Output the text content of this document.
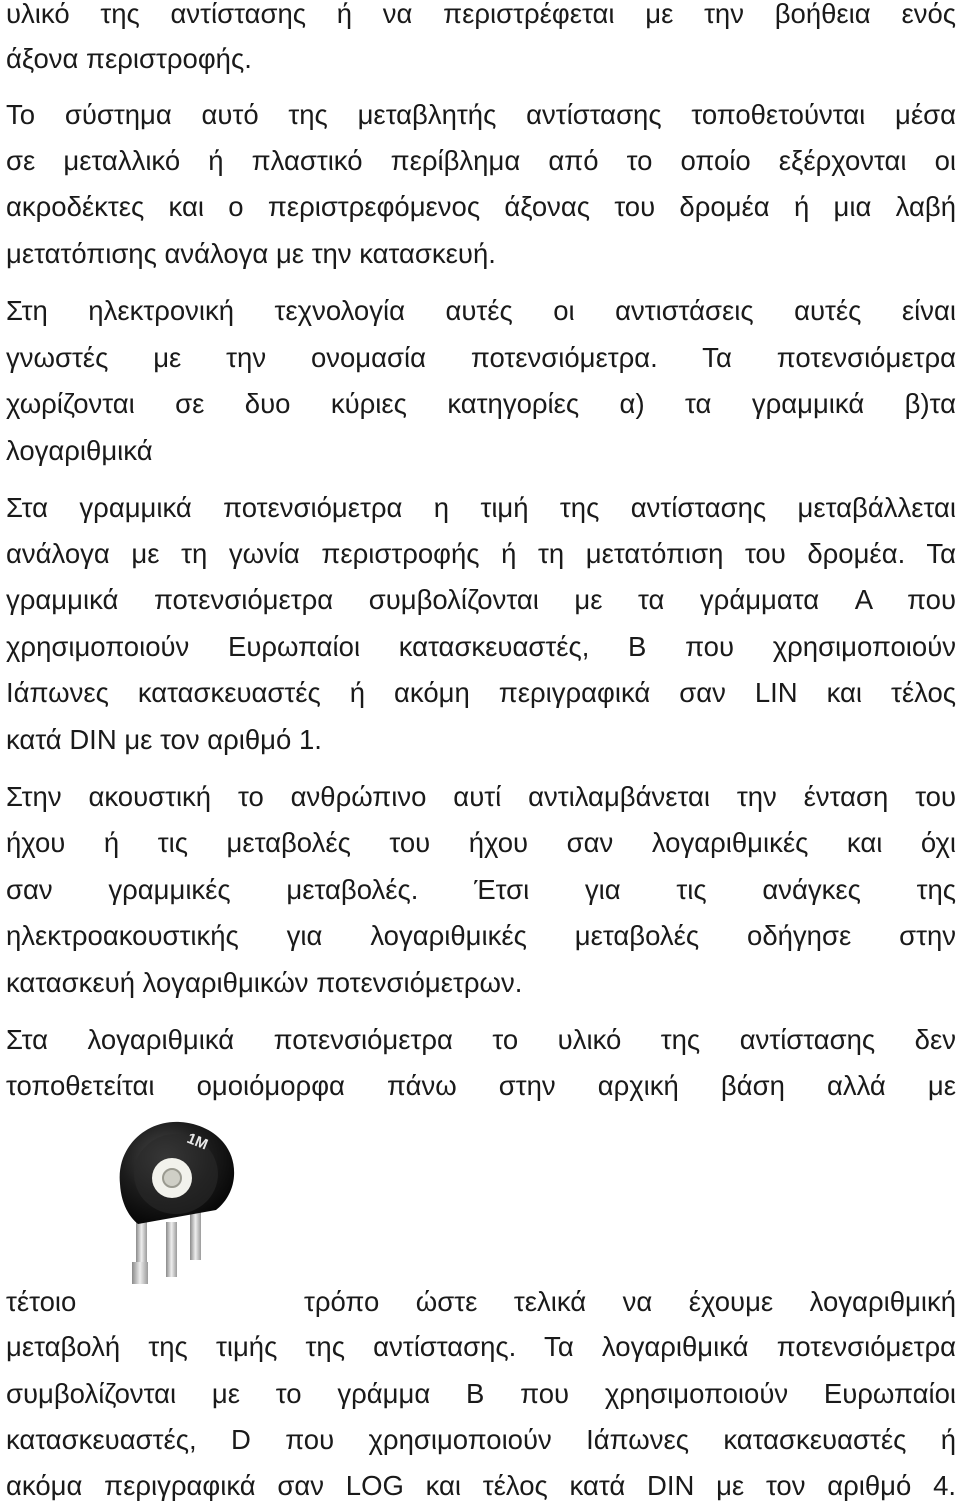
υλικό της αντίστασης ή να περιστρέφεται με την βοήθεια ενός
άξονα περιστροφής.
Το σύστημα αυτό της μεταβλητής αντίστασης τοποθετούνται μέσα
σε μεταλλικό ή πλαστικό περίβλημα από το οποίο εξέρχονται οι
ακροδέκτες και ο περιστρεφόμενος άξονας του δρομέα ή μια λαβή
μετατόπισης ανάλογα με την κατασκευή.
Στη ηλεκτρονική τεχνολογία αυτές οι αντιστάσεις αυτές είναι
γνωστές με την ονομασία ποτενσιόμετρα. Τα ποτενσιόμετρα
χωρίζονται σε δυο κύριες κατηγορίες α) τα γραμμικά β)τα
λογαριθμικά
Στα γραμμικά ποτενσιόμετρα η τιμή της αντίστασης μεταβάλλεται
ανάλογα με τη γωνία περιστροφής ή τη μετατόπιση του δρομέα. Τα
γραμμικά ποτενσιόμετρα συμβολίζονται με τα γράμματα A που
χρησιμοποιούν Ευρωπαίοι κατασκευαστές, B που χρησιμοποιούν
Ιάπωνες κατασκευαστές ή ακόμη περιγραφικά σαν LIN και τέλος
κατά DIN με τον αριθμό 1.
Στην ακουστική το ανθρώπινο αυτί αντιλαμβάνεται την ένταση του
ήχου ή τις μεταβολές του ήχου σαν λογαριθμικές και όχι
σαν γραμμικές μεταβολές. Έτσι για τις ανάγκες της
ηλεκτροακουστικής για λογαριθμικές μεταβολές οδήγησε στην
κατασκευή λογαριθμικών ποτενσιόμετρων.
Στα λογαριθμικά ποτενσιόμετρα το υλικό της αντίστασης δεν
τοποθετείται ομοιόμορφα πάνω στην αρχική βάση αλλά με
1M
τέτοιο	τρόπο ώστε τελικά να έχουμε λογαριθμική
μεταβολή της τιμής της αντίστασης. Τα λογαριθμικά ποτενσιόμετρα
συμβολίζονται με το γράμμα B που χρησιμοποιούν Ευρωπαίοι
κατασκευαστές, D που χρησιμοποιούν Ιάπωνες κατασκευαστές ή
ακόμα περιγραφικά σαν LOG και τέλος κατά DIN με τον αριθμό 4.
